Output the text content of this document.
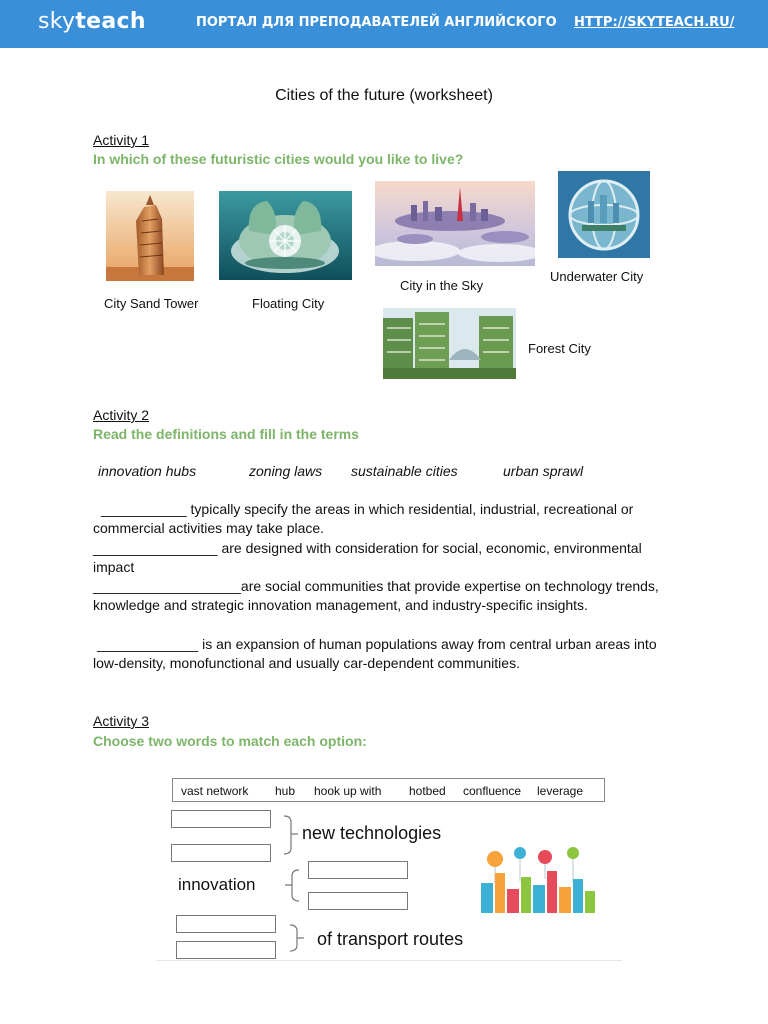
skyteach	ПОРТАЛ ДЛЯ ПРЕПОДАВАТЕЛЕЙ АНГЛИЙСКОГО HTTP://SKYTEACH.RU/
Cities of the future (worksheet)
Activity 1
In which of these futuristic cities would you like to live?
City Sand Tower	Floating City
City in the Sky
Underwater City
Forest City
Activity 2
Read the definitions and fill in the terms
innovation hubs	zoning laws sustainable cities	urban sprawl
___________ typically specify the areas in which residential, industrial, recreational or commercial activities may take place.
________________ are designed with consideration for social, economic, environmental impact
___________________are social communities that provide expertise on technology trends, knowledge and strategic innovation management, and industry-specific insights.
_____________ is an expansion of human populations away from central urban areas into low-density, monofunctional and usually car-dependent communities.
Activity 3
Choose two words to match each option:
vast network hub hook up with hotbed confluence leverage
new technologies
innovation
of transport routes
